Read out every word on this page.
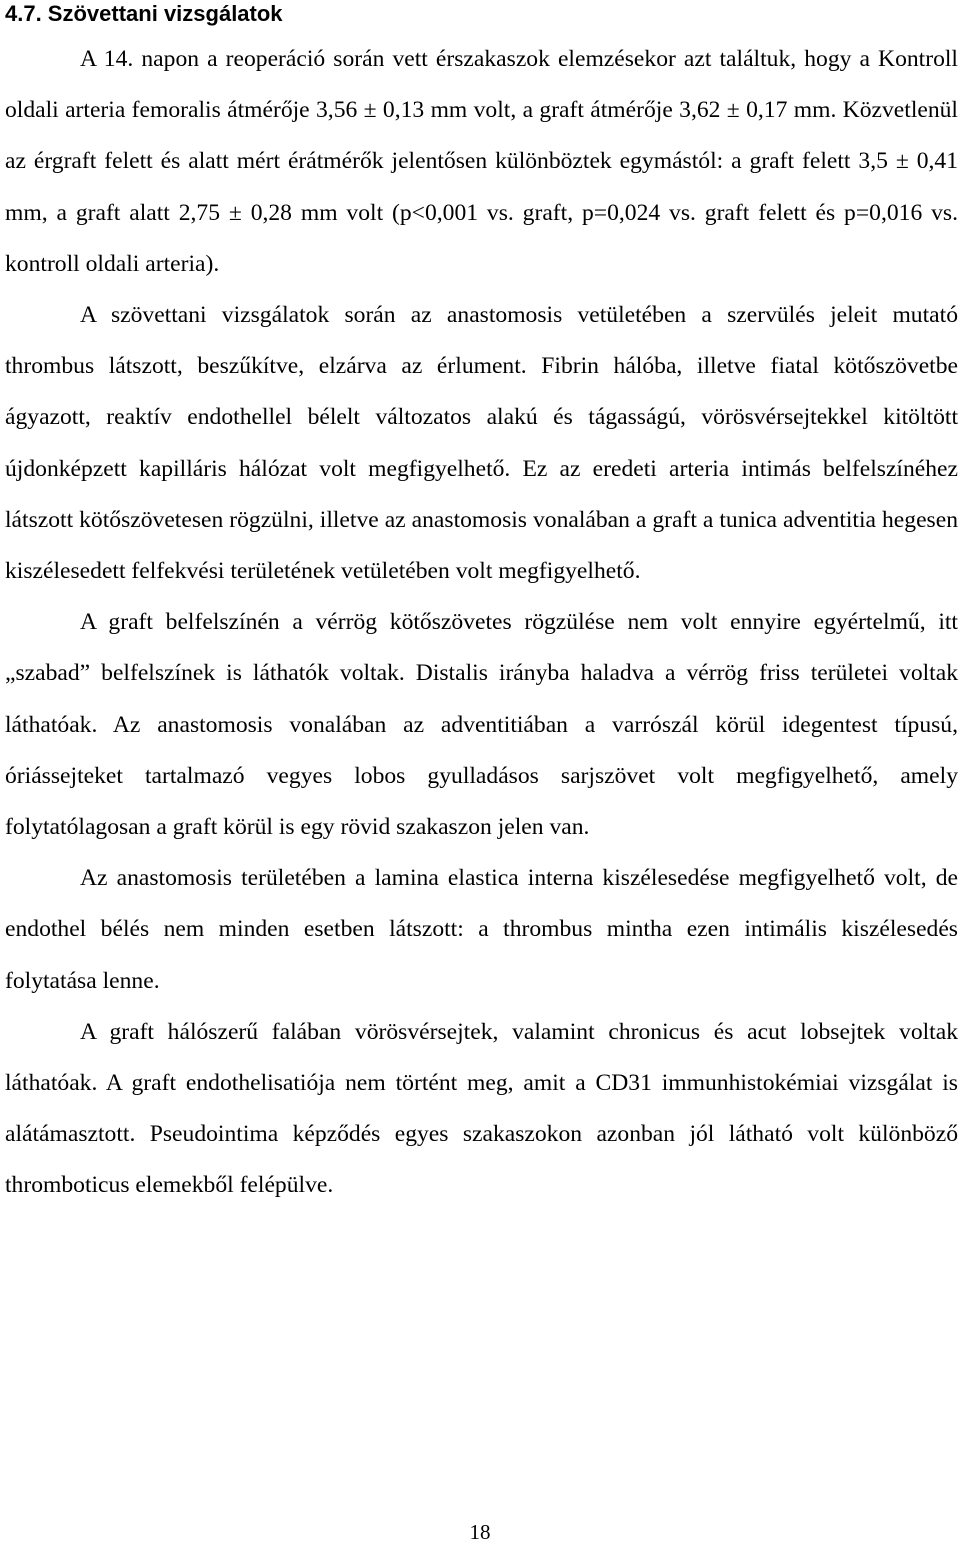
4.7. Szövettani vizsgálatok

A 14. napon a reoperáció során vett érszakaszok elemzésekor azt találtuk, hogy a Kontroll oldali arteria femoralis átmérője 3,56 ± 0,13 mm volt, a graft átmérője 3,62 ± 0,17 mm. Közvetlenül az érgraft felett és alatt mért érátmérők jelentősen különböztek egymástól: a graft felett 3,5 ± 0,41 mm, a graft alatt 2,75 ± 0,28 mm volt (p<0,001 vs. graft, p=0,024 vs. graft felett és p=0,016 vs. kontroll oldali arteria).

A szövettani vizsgálatok során az anastomosis vetületében a szervülés jeleit mutató thrombus látszott, beszűkítve, elzárva az érlument. Fibrin hálóba, illetve fiatal kötőszövetbe ágyazott, reaktív endothellel bélelt változatos alakú és tágasságú, vörösvérsejtekkel kitöltött újdonképzett kapilláris hálózat volt megfigyelhető. Ez az eredeti arteria intimás belfelszínéhez látszott kötőszövetesen rögzülni, illetve az anastomosis vonalában a graft a tunica adventitia hegesen kiszélesedett felfekvési területének vetületében volt megfigyelhető.

A graft belfelszínén a vérrög kötőszövetes rögzülése nem volt ennyire egyértelmű, itt „szabad” belfelszínek is láthatók voltak. Distalis irányba haladva a vérrög friss területei voltak láthatóak. Az anastomosis vonalában az adventitiában a varrószál körül idegentest típusú, óriássejteket tartalmazó vegyes lobos gyulladásos sarjszövet volt megfigyelhető, amely folytatólagosan a graft körül is egy rövid szakaszon jelen van.

Az anastomosis területében a lamina elastica interna kiszélesedése megfigyelhető volt, de endothel bélés nem minden esetben látszott: a thrombus mintha ezen intimális kiszélesedés folytatása lenne.

A graft hálószerű falában vörösvérsejtek, valamint chronicus és acut lobsejtek voltak láthatóak. A graft endothelisatiója nem történt meg, amit a CD31 immunhistokémiai vizsgálat is alátámasztott. Pseudointima képződés egyes szakaszokon azonban jól látható volt különböző thromboticus elemekből felépülve.

18
